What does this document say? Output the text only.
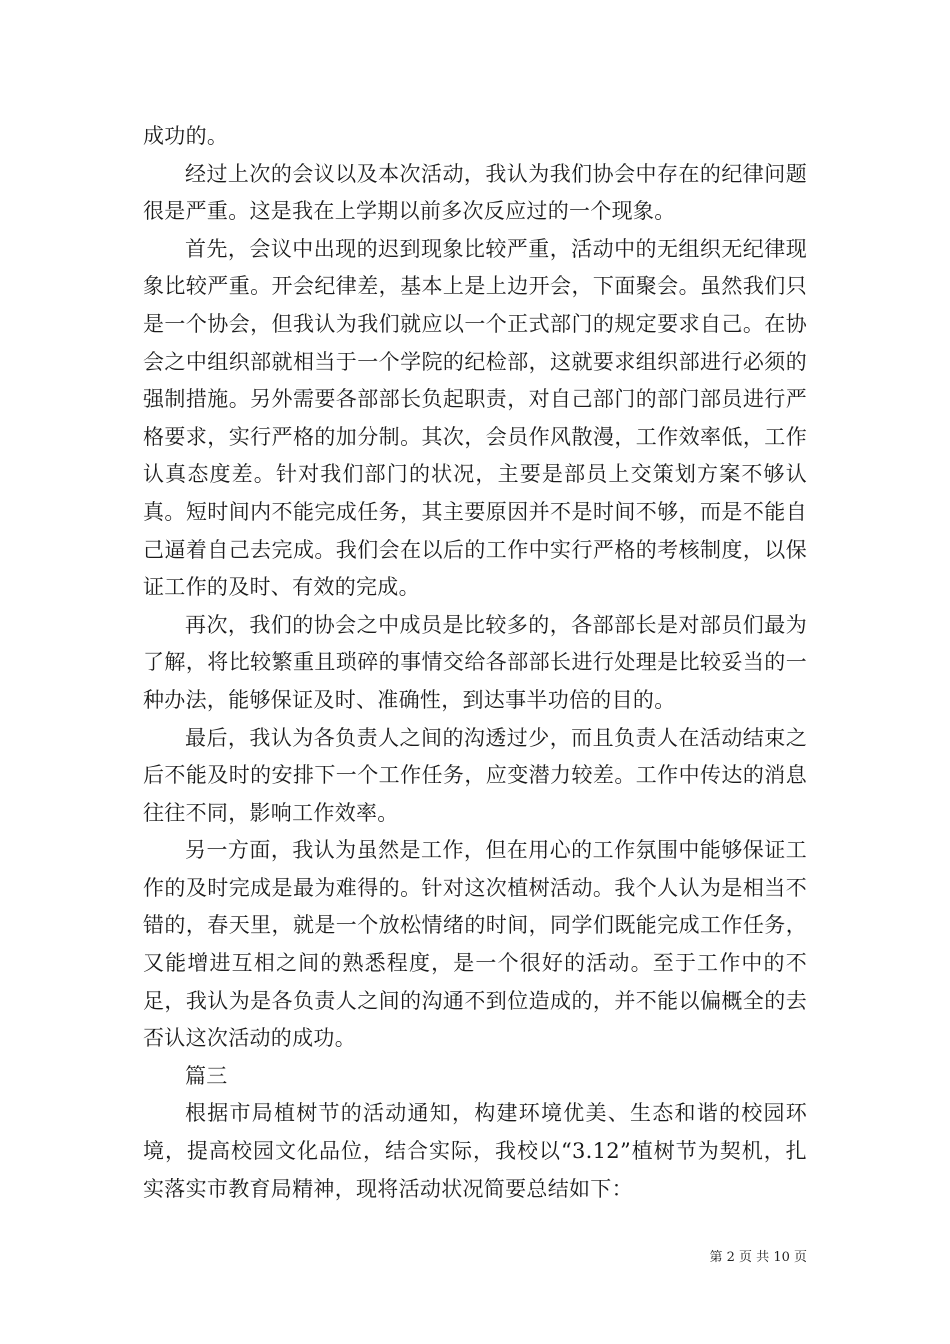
成功的。

经过上次的会议以及本次活动，我认为我们协会中存在的纪律问题很是严重。这是我在上学期以前多次反应过的一个现象。

首先，会议中出现的迟到现象比较严重，活动中的无组织无纪律现象比较严重。开会纪律差，基本上是上边开会，下面聚会。虽然我们只是一个协会，但我认为我们就应以一个正式部门的规定要求自己。在协会之中组织部就相当于一个学院的纪检部，这就要求组织部进行必须的强制措施。另外需要各部部长负起职责，对自己部门的部门部员进行严格要求，实行严格的加分制。其次，会员作风散漫，工作效率低，工作认真态度差。针对我们部门的状况，主要是部员上交策划方案不够认真。短时间内不能完成任务，其主要原因并不是时间不够，而是不能自己逼着自己去完成。我们会在以后的工作中实行严格的考核制度，以保证工作的及时、有效的完成。

再次，我们的协会之中成员是比较多的，各部部长是对部员们最为了解，将比较繁重且琐碎的事情交给各部部长进行处理是比较妥当的一种办法，能够保证及时、准确性，到达事半功倍的目的。

最后，我认为各负责人之间的沟透过少，而且负责人在活动结束之后不能及时的安排下一个工作任务，应变潜力较差。工作中传达的消息往往不同，影响工作效率。

另一方面，我认为虽然是工作，但在用心的工作氛围中能够保证工作的及时完成是最为难得的。针对这次植树活动。我个人认为是相当不错的，春天里，就是一个放松情绪的时间，同学们既能完成工作任务，又能增进互相之间的熟悉程度，是一个很好的活动。至于工作中的不足，我认为是各负责人之间的沟通不到位造成的，并不能以偏概全的去否认这次活动的成功。

篇三

根据市局植树节的活动通知，构建环境优美、生态和谐的校园环境，提高校园文化品位，结合实际，我校以“3.12”植树节为契机，扎实落实市教育局精神，现将活动状况简要总结如下：

第 2 页 共 10 页
